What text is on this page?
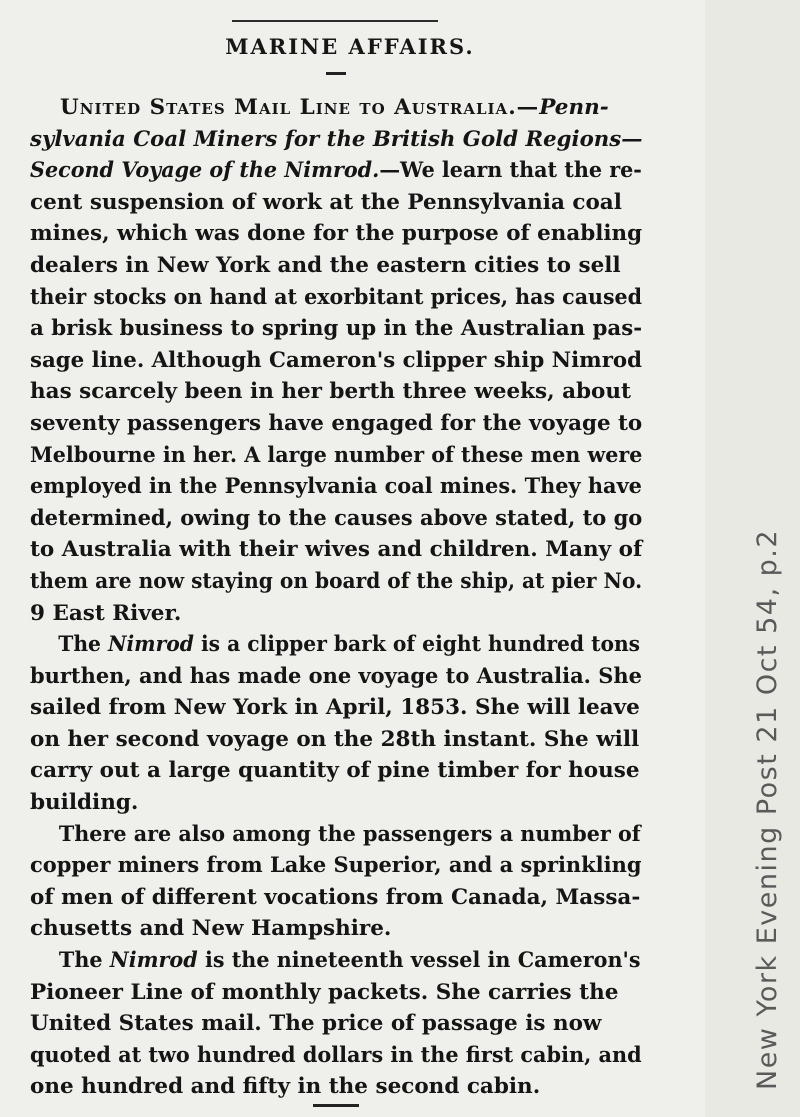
MARINE AFFAIRS.

United States Mail Line to Australia.—Penn-
sylvania Coal Miners for the British Gold Regions—
Second Voyage of the Nimrod.—We learn that the re-
cent suspension of work at the Pennsylvania coal
mines, which was done for the purpose of enabling
dealers in New York and the eastern cities to sell
their stocks on hand at exorbitant prices, has caused
a brisk business to spring up in the Australian pas-
sage line. Although Cameron's clipper ship Nimrod
has scarcely been in her berth three weeks, about
seventy passengers have engaged for the voyage to
Melbourne in her. A large number of these men were
employed in the Pennsylvania coal mines. They have
determined, owing to the causes above stated, to go
to Australia with their wives and children. Many of
them are now staying on board of the ship, at pier No.
9 East River.

The Nimrod is a clipper bark of eight hundred tons
burthen, and has made one voyage to Australia. She
sailed from New York in April, 1853. She will leave
on her second voyage on the 28th instant. She will
carry out a large quantity of pine timber for house
building.

There are also among the passengers a number of
copper miners from Lake Superior, and a sprinkling
of men of different vocations from Canada, Massa-
chusetts and New Hampshire.

The Nimrod is the nineteenth vessel in Cameron's
Pioneer Line of monthly packets. She carries the
United States mail. The price of passage is now
quoted at two hundred dollars in the first cabin, and
one hundred and fifty in the second cabin.	New York Evening Post 21 Oct 54, p.2
